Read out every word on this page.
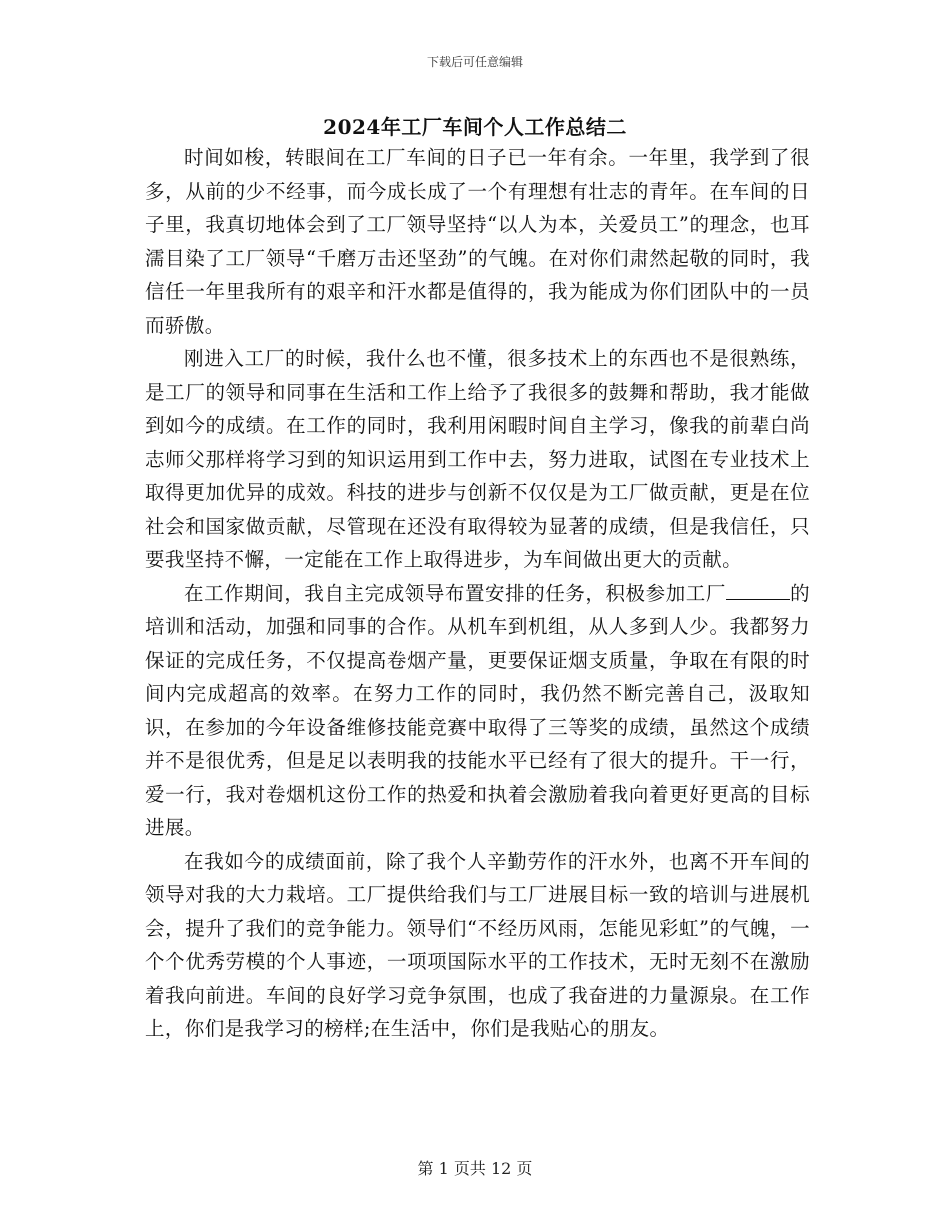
下载后可任意编辑
2024年工厂车间个人工作总结二

时间如梭，转眼间在工厂车间的日子已一年有余。一年里，我学到了很多，从前的少不经事，而今成长成了一个有理想有壮志的青年。在车间的日子里，我真切地体会到了工厂领导坚持“以人为本，关爱员工”的理念，也耳濡目染了工厂领导“千磨万击还坚劲”的气魄。在对你们肃然起敬的同时，我信任一年里我所有的艰辛和汗水都是值得的，我为能成为你们团队中的一员而骄傲。

刚进入工厂的时候，我什么也不懂，很多技术上的东西也不是很熟练，是工厂的领导和同事在生活和工作上给予了我很多的鼓舞和帮助，我才能做到如今的成绩。在工作的同时，我利用闲暇时间自主学习，像我的前辈白尚志师父那样将学习到的知识运用到工作中去，努力进取，试图在专业技术上取得更加优异的成效。科技的进步与创新不仅仅是为工厂做贡献，更是在位社会和国家做贡献，尽管现在还没有取得较为显著的成绩，但是我信任，只要我坚持不懈，一定能在工作上取得进步，为车间做出更大的贡献。

在工作期间，我自主完成领导布置安排的任务，积极参加工厂	的培训和活动，加强和同事的合作。从机车到机组，从人多到人少。我都努力保证的完成任务，不仅提高卷烟产量，更要保证烟支质量，争取在有限的时间内完成超高的效率。在努力工作的同时，我仍然不断完善自己，汲取知识，在参加的今年设备维修技能竞赛中取得了三等奖的成绩，虽然这个成绩并不是很优秀，但是足以表明我的技能水平已经有了很大的提升。干一行，爱一行，我对卷烟机这份工作的热爱和执着会激励着我向着更好更高的目标进展。

在我如今的成绩面前，除了我个人辛勤劳作的汗水外，也离不开车间的领导对我的大力栽培。工厂提供给我们与工厂进展目标一致的培训与进展机会，提升了我们的竞争能力。领导们“不经历风雨，怎能见彩虹”的气魄，一个个优秀劳模的个人事迹，一项项国际水平的工作技术，无时无刻不在激励着我向前进。车间的良好学习竞争氛围，也成了我奋进的力量源泉。在工作上，你们是我学习的榜样;在生活中，你们是我贴心的朋友。

第 1 页共 12 页
